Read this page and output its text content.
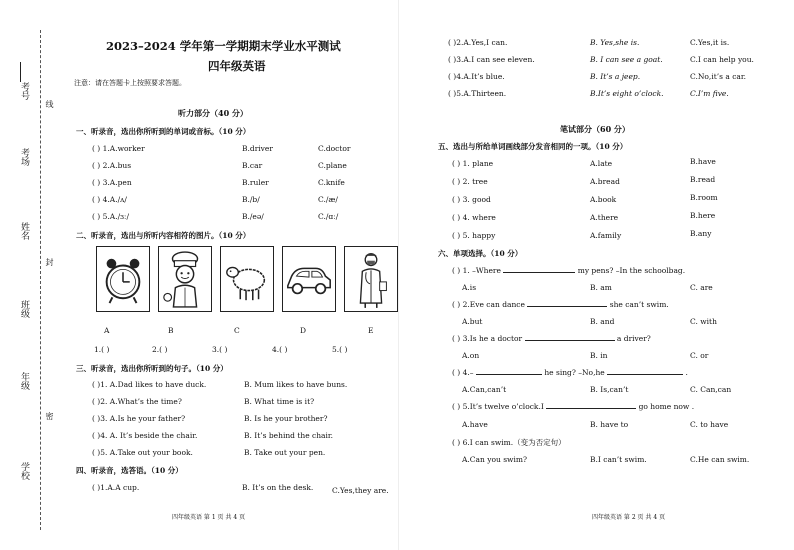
考号
线
考场
姓名
封
班级
年级
密
学校
2023–2024 学年第一学期期末学业水平测试
四年级英语
注意：请在答题卡上按照要求答题。
听力部分（40 分）
一、听录音，选出你所听到的单词或音标。（10 分）
( ) 1.A.worker	B.driver	C.doctor
( ) 2.A.bus	B.car	C.plane
( ) 3.A.pen	B.ruler	C.knife
( ) 4.A./ʌ/	B./b/	C./æ/
( ) 5.A./ɜː/	B./eə/	C./ɑː/
二、听录音，选出与所听内容相符的图片。（10 分）
A	B	C	D	E
1.( )	2.( )	3.( )	4.( )	5.( )
三、听录音，选出你所听到的句子。（10 分）
( )1. A.Dad likes to have duck.	B. Mum likes to have buns.
( )2. A.What’s the time?	B. What time is it?
( )3. A.Is he your father?	B. Is he your brother?
( )4. A. It’s beside the chair.	B. It’s behind the chair.
( )5. A.Take out your book.	B. Take out your pen.
四、听录音，选答语。（10 分）
( )1.A.A cup.	B. It’s on the desk. C.Yes,they are.
四年级英语 第 1 页 共 4 页
( )2.A.Yes,I can.	B. Yes,she is.	C.Yes,it is.
( )3.A.I can see eleven.	B. I can see a goat.	C.I can help you.
( )4.A.It’s blue.	B. It’s a jeep.	C.No,it’s a car.
( )5.A.Thirteen.	B.It’s eight o’clock.	C.I’m five.
笔试部分（60 分）
五、选出与所给单词画线部分发音相同的一项。（10 分）
( ) 1. plane	A.late	B.have
( ) 2. tree	A.bread	B.read
( ) 3. good	A.book	B.room
( ) 4. where	A.there	B.here
( ) 5. happy	A.family	B.any
六、单项选择。（10 分）
( ) 1. –Where	my pens? –In the schoolbag.
A.is	B. am	C. are
( ) 2.Eve can dance	she can’t swim.
A.but	B. and	C. with
( ) 3.Is he a doctor	a driver?
A.on	B. in	C. or
( ) 4.–	he sing? –No,he	.
A.Can,can’t	B. Is,can’t	C. Can,can
( ) 5.It’s twelve o’clock.I	go home now .
A.have	B. have to	C. to have
( ) 6.I can swim.（变为否定句）
A.Can you swim?	B.I can’t swim.	C.He can swim.
四年级英语 第 2 页 共 4 页
